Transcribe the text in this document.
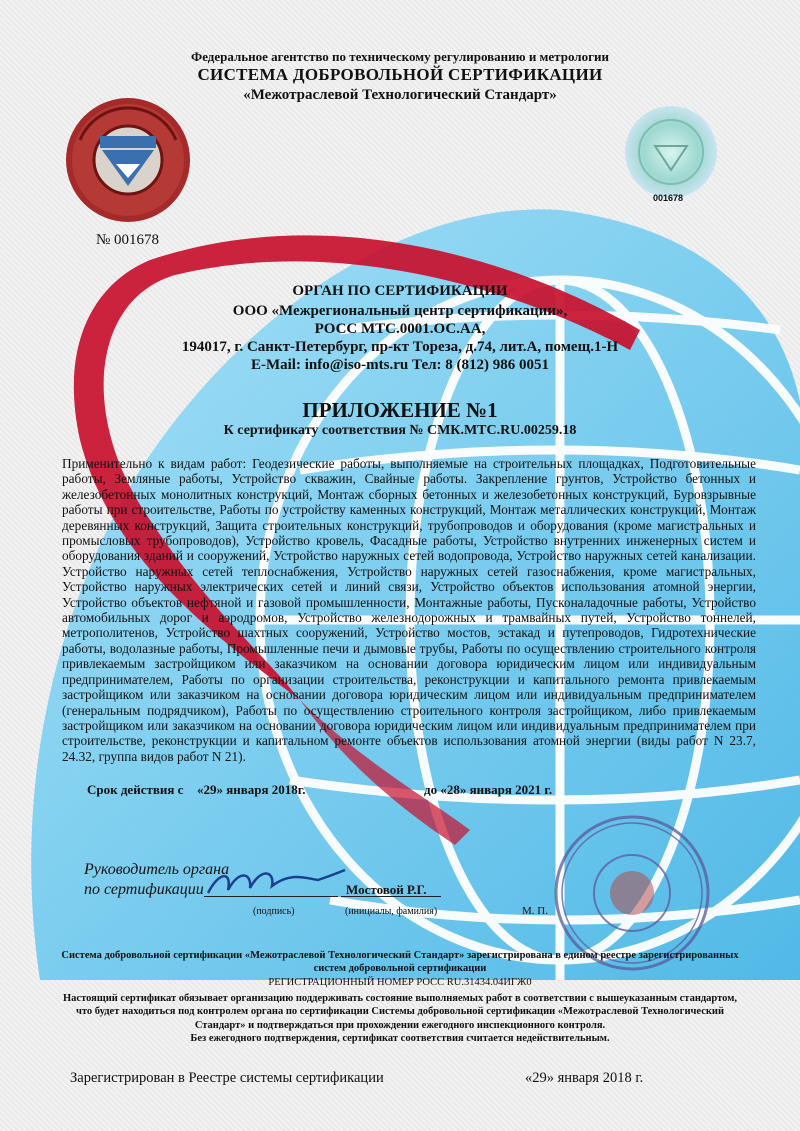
Федеральное агентство по техническому регулированию и метрологии
СИСТЕМА ДОБРОВОЛЬНОЙ СЕРТИФИКАЦИИ
«Межотраслевой Технологический Стандарт»
№ 001678
001678
ОРГАН ПО СЕРТИФИКАЦИИ
ООО «Межрегиональный центр сертификации»,
РОСС МТС.0001.ОС.АА,
194017, г. Санкт-Петербург, пр-кт Тореза, д.74, лит.А, помещ.1-Н
E-Mail: info@iso-mts.ru Тел: 8 (812) 986 0051
ПРИЛОЖЕНИЕ №1
К сертификату соответствия № СМК.МТС.RU.00259.18
Применительно к видам работ: Геодезические работы, выполняемые на строительных площадках, Подготовительные работы, Земляные работы, Устройство скважин, Свайные работы. Закрепление грунтов, Устройство бетонных и железобетонных монолитных конструкций, Монтаж сборных бетонных и железобетонных конструкций, Буровзрывные работы при строительстве, Работы по устройству каменных конструкций, Монтаж металлических конструкций, Монтаж деревянных конструкций, Защита строительных конструкций, трубопроводов и оборудования (кроме магистральных и промысловых трубопроводов), Устройство кровель, Фасадные работы, Устройство внутренних инженерных систем и оборудования зданий и сооружений, Устройство наружных сетей водопровода, Устройство наружных сетей канализации. Устройство наружных сетей теплоснабжения, Устройство наружных сетей газоснабжения, кроме магистральных, Устройство наружных электрических сетей и линий связи, Устройство объектов использования атомной энергии, Устройство объектов нефтяной и газовой промышленности, Монтажные работы, Пусконаладочные работы, Устройство автомобильных дорог и аэродромов, Устройство железнодорожных и трамвайных путей, Устройство тоннелей, метрополитенов, Устройство шахтных сооружений, Устройство мостов, эстакад и путепроводов, Гидротехнические работы, водолазные работы, Промышленные печи и дымовые трубы, Работы по осуществлению строительного контроля привлекаемым застройщиком или заказчиком на основании договора юридическим лицом или индивидуальным предпринимателем, Работы по организации строительства, реконструкции и капитального ремонта привлекаемым застройщиком или заказчиком на основании договора юридическим лицом или индивидуальным предпринимателем (генеральным подрядчиком), Работы по осуществлению строительного контроля застройщиком, либо привлекаемым застройщиком или заказчиком на основании договора юридическим лицом или индивидуальным предпринимателем при строительстве, реконструкции и капитальном ремонте объектов использования атомной энергии (виды работ N 23.7, 24.32, группа видов работ N 21).
Срок действия с «29» января 2018г.	до «28» января 2021 г.
Руководитель органа
по сертификации	Мостовой Р.Г.
(подпись)	(инициалы, фамилия)	М. П.
Система добровольной сертификации «Межотраслевой Технологический Стандарт» зарегистрирована в едином реестре зарегистрированных
систем добровольной сертификации
РЕГИСТРАЦИОННЫЙ НОМЕР РОСС RU.31434.04ИГЖ0
Настоящий сертификат обязывает организацию поддерживать состояние выполняемых работ в соответствии с вышеуказанным стандартом,
что будет находиться под контролем органа по сертификации Системы добровольной сертификации «Межотраслевой Технологический
Стандарт» и подтверждаться при прохождении ежегодного инспекционного контроля.
Без ежегодного подтверждения, сертификат соответствия считается недействительным.
Зарегистрирован в Реестре системы сертификации	«29» января 2018 г.
